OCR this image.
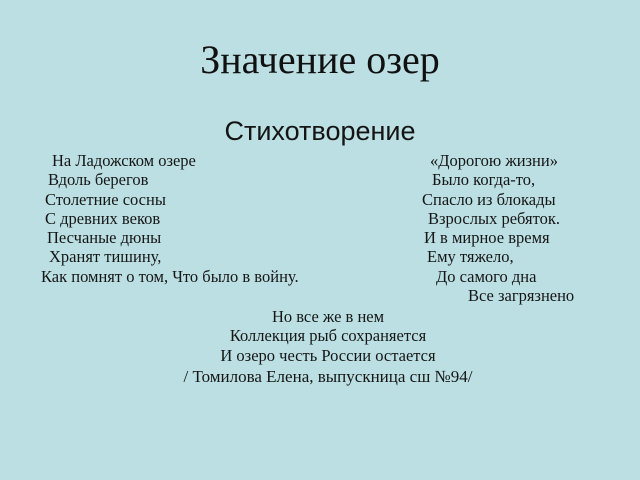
Значение озер
Стихотворение
На Ладожском озере
Вдоль берегов
Столетние сосны
С древних веков
Песчаные дюны
Хранят тишину,
Как помнят о том, Что было в войну.
«Дорогою жизни»
Было когда-то,
Спасло из блокады
Взрослых ребяток.
И в мирное время
Ему тяжело,
До самого дна
Все загрязнено
Но все же в нем
Коллекция рыб сохраняется
И озеро честь России остается
/ Томилова Елена, выпускница сш №94/
